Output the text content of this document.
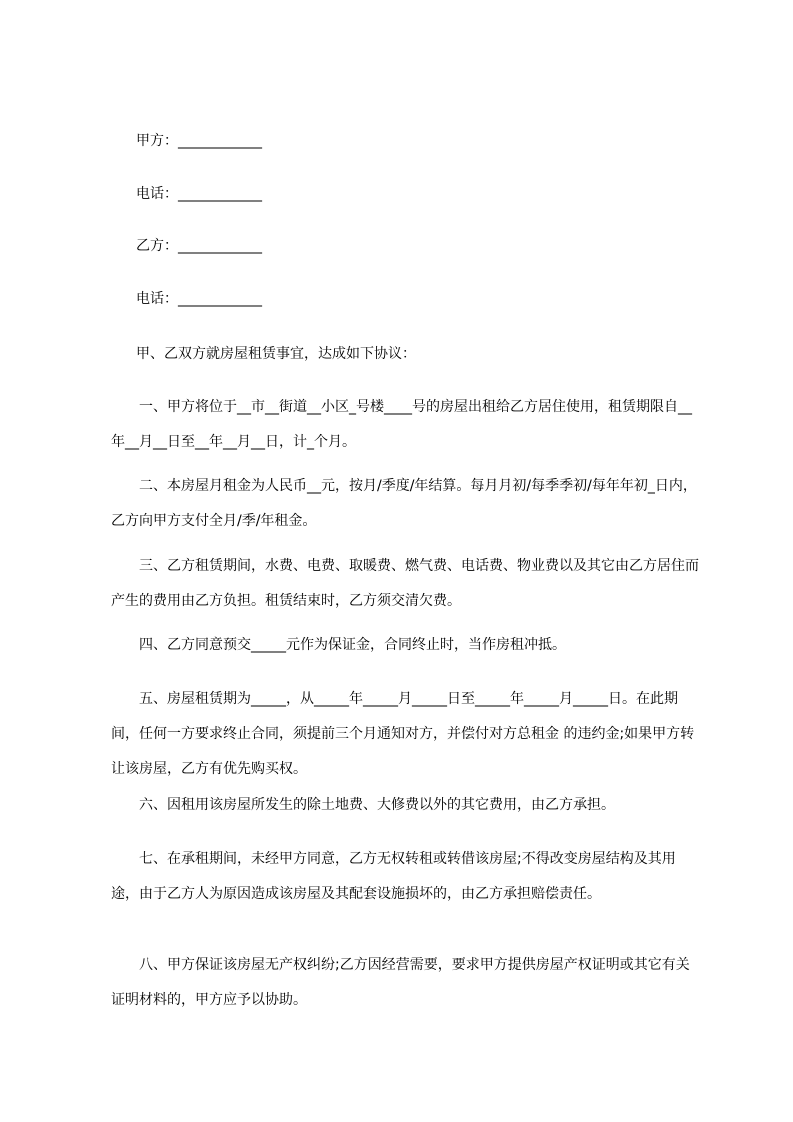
甲方：____________
电话：____________
乙方：____________
电话：____________
甲、乙双方就房屋租赁事宜，达成如下协议：
一、甲方将位于__市__街道__小区_号楼____号的房屋出租给乙方居住使用，租赁期限自__年__月__日至__年__月__日，计_个月。
二、本房屋月租金为人民币__元，按月/季度/年结算。每月月初/每季季初/每年年初_日内，乙方向甲方支付全月/季/年租金。
三、乙方租赁期间，水费、电费、取暖费、燃气费、电话费、物业费以及其它由乙方居住而产生的费用由乙方负担。租赁结束时，乙方须交清欠费。
四、乙方同意预交_____元作为保证金，合同终止时，当作房租冲抵。
五、房屋租赁期为_____，从_____年_____月_____日至_____年_____月_____日。在此期间，任何一方要求终止合同，须提前三个月通知对方，并偿付对方总租金 的违约金;如果甲方转让该房屋，乙方有优先购买权。
六、因租用该房屋所发生的除土地费、大修费以外的其它费用，由乙方承担。
七、在承租期间，未经甲方同意，乙方无权转租或转借该房屋;不得改变房屋结构及其用途，由于乙方人为原因造成该房屋及其配套设施损坏的，由乙方承担赔偿责任。
八、甲方保证该房屋无产权纠纷;乙方因经营需要，要求甲方提供房屋产权证明或其它有关证明材料的，甲方应予以协助。
